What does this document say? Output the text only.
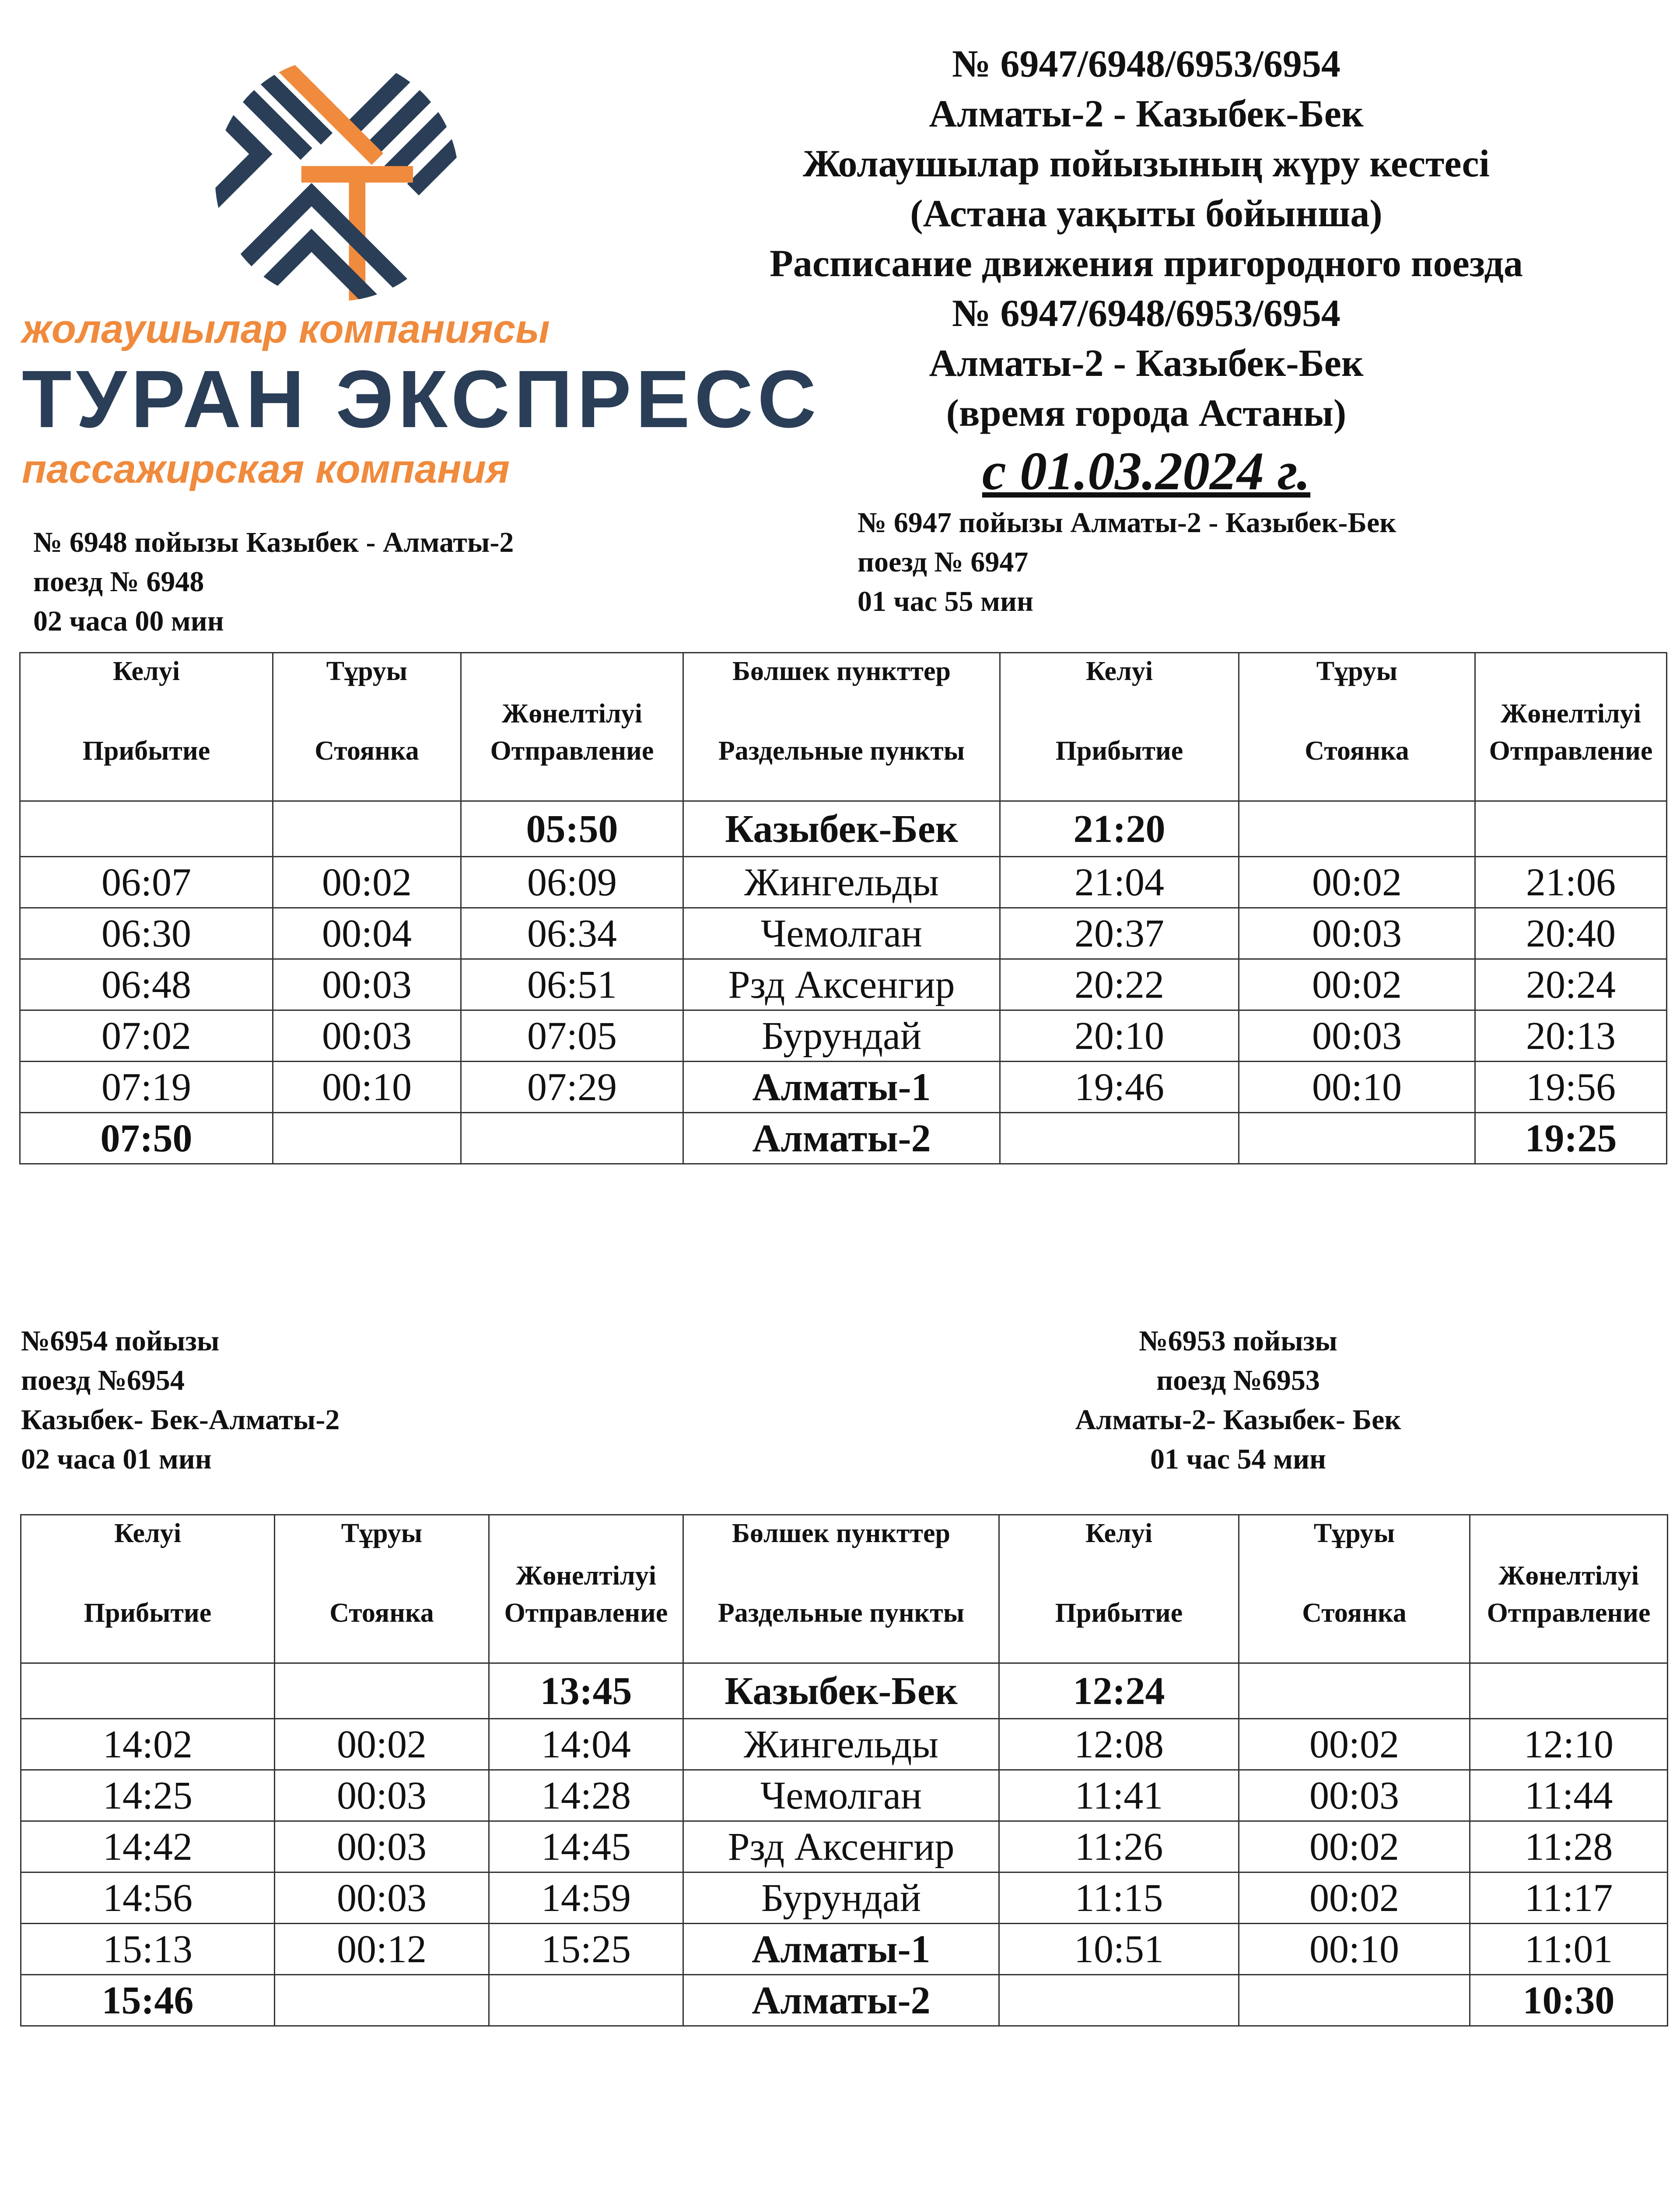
жолаушылар компаниясы
ТУРАН ЭКСПРЕСС
пассажирская компания
№ 6947/6948/6953/6954
Алматы-2 - Казыбек-Бек
Жолаушылар пойызының жүру кестесі
(Астана уақыты бойынша)
Расписание движения пригородного поезда
№ 6947/6948/6953/6954
Алматы-2 - Казыбек-Бек
(время города Астаны)
с 01.03.2024 г.
№ 6948 пойызы Казыбек - Алматы-2
поезд № 6948
02 часа 00 мин
№ 6947 пойызы Алматы-2 - Казыбек-Бек
поезд № 6947
01 час 55 мин
Келуі	Тұруы	Жөнелтілуі	Бөлшек пункттер	Келуі	Тұруы	Жөнелтілуі
Прибытие	Стоянка	Отправление	Раздельные пункты	Прибытие	Стоянка	Отправление
		05:50	Казыбек-Бек	21:20		
06:07	00:02	06:09	Жингельды	21:04	00:02	21:06
06:30	00:04	06:34	Чемолган	20:37	00:03	20:40
06:48	00:03	06:51	Рзд Аксенгир	20:22	00:02	20:24
07:02	00:03	07:05	Бурундай	20:10	00:03	20:13
07:19	00:10	07:29	Алматы-1	19:46	00:10	19:56
07:50			Алматы-2			19:25
№6954 пойызы
поезд №6954
Казыбек- Бек-Алматы-2
02 часа 01 мин
№6953 пойызы
поезд №6953
Алматы-2- Казыбек- Бек
01 час 54 мин
Келуі	Тұруы	Жөнелтілуі	Бөлшек пункттер	Келуі	Тұруы	Жөнелтілуі
Прибытие	Стоянка	Отправление	Раздельные пункты	Прибытие	Стоянка	Отправление
		13:45	Казыбек-Бек	12:24		
14:02	00:02	14:04	Жингельды	12:08	00:02	12:10
14:25	00:03	14:28	Чемолган	11:41	00:03	11:44
14:42	00:03	14:45	Рзд Аксенгир	11:26	00:02	11:28
14:56	00:03	14:59	Бурундай	11:15	00:02	11:17
15:13	00:12	15:25	Алматы-1	10:51	00:10	11:01
15:46			Алматы-2			10:30
